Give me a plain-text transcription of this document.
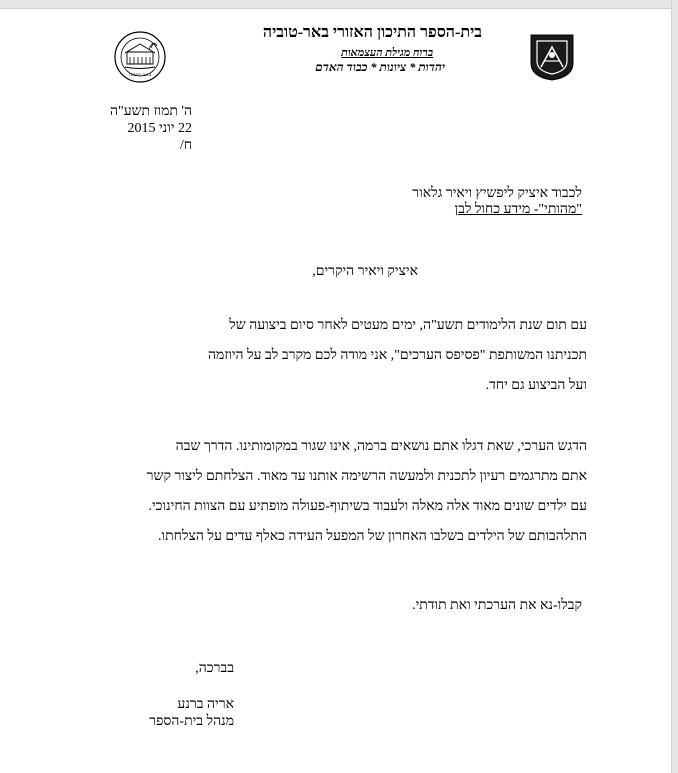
באר טוביה
בית-הספר התיכון האזורי באר-טוביה
ברוח מגילת העצמאות
יהדות * ציונות * כבוד האדם
ה' תמוז תשע"ה
22 יוני 2015
ח/
לכבוד איציק ליפשיץ ויאיר גלאור
"מהותי"- מידע כחול לבן
איציק ויאיר היקרים,
עם תום שנת הלימודים תשע"ה, ימים מעטים לאחר סיום ביצועה של
תכניתנו המשותפת "פסיפס הערכים", אני מודה לכם מקרב לב על היוזמה
ועל הביצוע גם יחד.
הדגש הערכי, שאת דגלו אתם נושאים ברמה, אינו שגור במקומותינו. הדרך שבה
אתם מתרגמים רעיון לתכנית ולמעשה הרשימה אותנו עד מאוד. הצלחתם ליצור קשר
עם ילדים שונים מאוד אלה מאלה ולעבוד בשיתוף-פעולה מופתיע עם הצוות החינוכי.
התלהבותם של הילדים בשלבו האחרון של המפעל העידה כאלף עדים על הצלחתו.
קבלו-נא את הערכתי ואת תודתי.
בברכה,
אריה ברנע
מנהל בית-הספר
